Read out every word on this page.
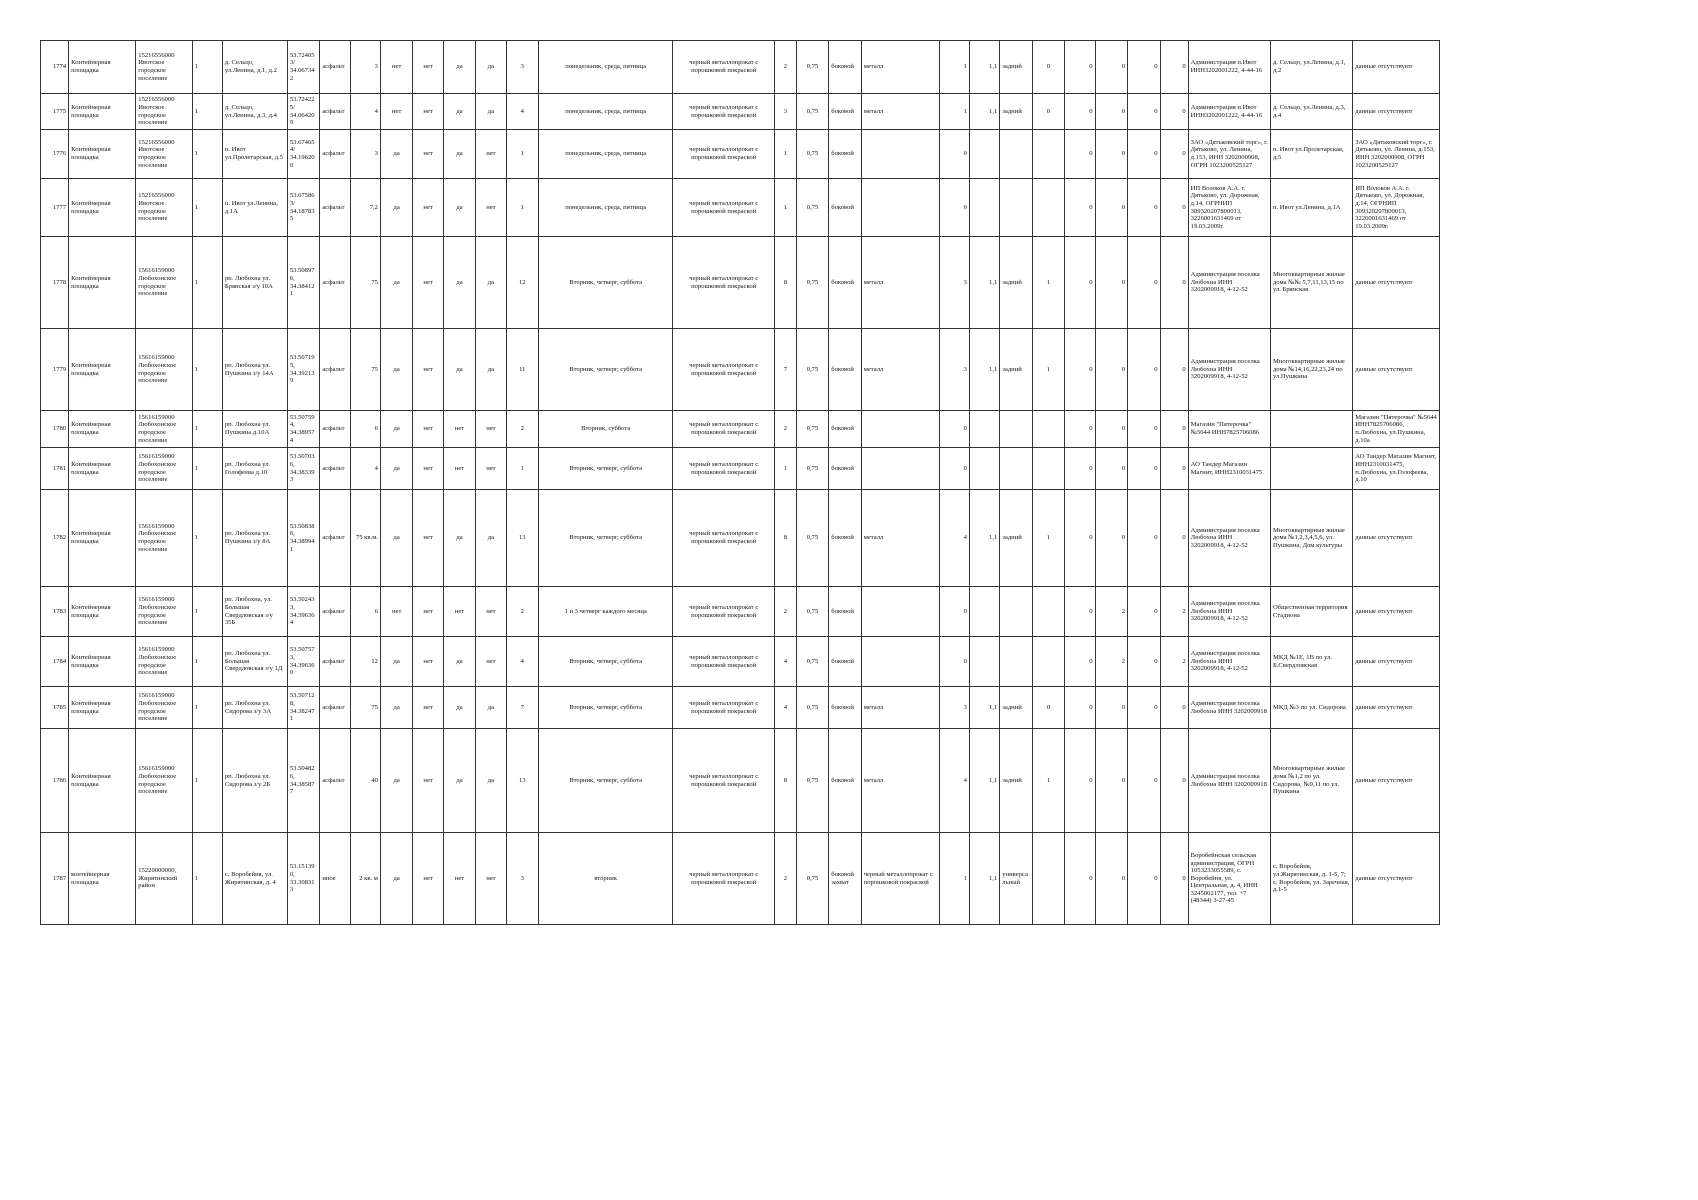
1774	Контейнерная площадка	15216556000 Ивотское городское поселение	1	д. Сельцо, ул.Ленина, д.1, д.2	53.72405 3/ 34.06734 2	асфальт	3	нет	нет	да	да	3	понедельник, среда, пятница	черный металлопрокат с порошковой покраской	2	0,75	боковой	металл	1	1,1	задний	0	0	0	0	0	Администрация п.Ивот ИНН3202001222, 4-44-16	д. Сельцо, ул.Ленина, д.1, д.2	данные отсутствуют
1775	Контейнерная площадка	15216556000 Ивотское городское поселение	1	д. Сельцо, ул.Ленина, д.3, д.4	53.72422 5/ 34.06420 9	асфальт	4	нет	нет	да	да	4	понедельник, среда, пятница	черный металлопрокат с порошковой покраской	3	0,75	боковой	металл	1	1,1	задний	0	0	0	0	0	Администрация п.Ивот ИНН3202001222, 4-44-16	д. Сельцо, ул.Ленина, д.3, д.4	данные отсутствуют
1776	Контейнерная площадка	15216556000 Ивотское городское поселение	1	п. Ивот ул.Пролетарская, д.5	53.67465 4/ 34.19620 0	асфальт	3	да	нет	да	нет	1	понедельник, среда, пятница	черный металлопрокат с порошковой покраской	1	0,75	боковой		0				0	0	0	0	ЗАО «Дятьковский торг», г. Дятьково, ул. Ленина, д.153, ИНН 3202000908, ОГРН 1023200525127	п. Ивот ул.Пролетарская, д.5	ЗАО «Дятьковский торг», г. Дятьково, ул. Ленина, д.153, ИНН 3202000908, ОГРН 1023200525127
1777	Контейнерная площадка	15216556000 Ивотское городское поселение	1	п. Ивот ул.Ленина, д.1А	53.67586 3/ 34.18783 5	асфальт	7,2	да	нет	да	нет	1	понедельник, среда, пятница	черный металлопрокат с порошковой покраской	1	0,75	боковой		0				0	0	0	0	ИП Волоков А.А. г. Дятьково, ул. Дорожная, д.14, ОГРНИП 309320207800013, 3226001631469 от 19.03.2009г.	п. Ивот ул.Ленина, д.1А	ИП Волоков А.А. г. Дятьково, ул. Дорожная, д.14, ОГРНИП 309320207800013, 3226001631469 от 19.03.2009г.
1778	Контейнерная площадка	15616159000 Любохонское городское поселение	1	рп. Любохна ул. Брянская з/у 10А	53.50897 6, 34.38412 1	асфальт	75	да	нет	да	да	12	Вторник, четверг, суббота	черный металлопрокат с порошковой покраской	8	0,75	боковой	металл	3	1,1	задний	1	0	0	0	0	Администрация поселка Любохна ИНН 3202009918, 4-12-52	Многоквартирные жилые дома №№ 5,7,11,13,15 по ул. Брянская	данные отсутствуют
1779	Контейнерная площадка	15616159000 Любохонское городское поселение	1	рп. Любохна ул. Пушкина з/у 14А	53.50719 5, 34.39213 9	асфальт	75	да	нет	да	да	11	Вторник, четверг, суббота	черный металлопрокат с порошковой покраской	7	0,75	боковой	металл	3	1,1	задний	1	0	0	0	0	Администрация поселка Любохна ИНН 3202009918, 4-12-52	Многоквартирные жилые дома №14,16,22,23,24 по ул.Пушкина	данные отсутствуют
1780	Контейнерная площадка	15616159000 Любохонское городское поселение	1	рп. Любохна ул. Пушкина д.10А	53.50759 4, 34.38957 4	асфальт	6	да	нет	нет	нет	2	Вторник, суббота	черный металлопрокат с порошковой покраской	2	0,75	боковой		0				0	0	0	0	Магазин "Пятерочка" №5644 ИНН7825706086		Магазин "Пятерочка" №5644 ИНН7825706086, п.Любохна, ул.Пушкина, д.10а
1781	Контейнерная площадка	15616159000 Любохонское городское поселение	1	рп. Любохна ул. Голофеева д.10	53.50703 6, 34.38339 3	асфальт	4	да	нет	нет	нет	1	Вторник, четверг, суббота	черный металлопрокат с порошковой покраской	1	0,75	боковой		0				0	0	0	0	АО Тандер Магазин Магнит, ИНН2310031475		АО Тандер Магазин Магнит, ИНН2310031475, п.Любохна, ул.Голофеева, д.10
1782	Контейнерная площадка	15616159000 Любохонское городское поселение	1	рп. Любохна ул. Пушкина з/у 8А	53.50838 6, 34.38994 1	асфальт	75 кв.м.	да	нет	да	да	13	Вторник, четверг, суббота	черный металлопрокат с порошковой покраской	8	0,75	боковой	металл	4	1,1	задний	1	0	0	0	0	Администрация поселка Любохна ИНН 3202009918, 4-12-52	Многоквартирные жилые дома №1,2,3,4,5,6, ул. Пушкина, Дом культуры	данные отсутствуют
1783	Контейнерная площадка	15616159000 Любохонское городское поселение	1	рп. Любохна, ул. Большая Свердловская з/у 35Б	53.50243 3, 34.39636 4	асфальт	6	нет	нет	нет	нет	2	1 и 3 четверг каждого месяца	черный металлопрокат с порошковой покраской	2	0,75	боковой		0				0	2	0	2	Администрация поселка Любохна ИНН 3202009918, 4-12-52	Общественная территория Стадиона	данные отсутствуют
1784	Контейнерная площадка	15616159000 Любохонское городское поселение	1	рп. Любохна ул. Большая Свердловская з/у 1Д	53.50757 3, 34.39636 0	асфальт	12	да	нет	да	нет	4	Вторник, четверг, суббота	черный металлопрокат с порошковой покраской	4	0,75	боковой		0				0	2	0	2	Администрация поселка Любохна ИНН 3202009918, 4-12-52	МКД №1Е, 1В по ул. Б.Свердловская	данные отсутствуют
1785	Контейнерная площадка	15616159000 Любохонское городское поселение	1	рп. Любохна ул. Сидорова з/у 3А	53.50712 8, 34.38247 1	асфальт	75	да	нет	да	да	7	Вторник, четверг, суббота	черный металлопрокат с порошковой покраской	4	0,75	боковой	металл	3	1,1	задний	0	0	0	0	0	Администрация поселка Любохна ИНН 3202009918	МКД №3 по ул. Сидорова	данные отсутствуют
1786	Контейнерная площадка	15616159000 Любохонское городское поселение	1	рп. Любохна ул. Сидорова з/у 2Б	53.50482 6, 34.38587 7	асфальт	40	да	нет	да	да	13	Вторник, четверг, суббота	черный металлопрокат с порошковой покраской	8	0,75	боковой	металл	4	1,1	задний	1	0	0	0	0	Администрация поселка Любохна ИНН 3202009918	Многоквартирные жилые дома №1,2 по ул. Сидорова, №9,11 по ул. Пушкина	данные отсутствуют
1787	контейнерная площадка	15220000000, Жирятинский район	1	с. Воробейня, ул. Жирятинская, д. 4	53.15139 0, 33.30831 3	иное	2 кв. м	да	нет	нет	нет	3	вторник	черный металлопрокат с порошковой покраской	2	0,75	боковой захват	черный металлопрокат с порошковой покраской	1	1,1	универсальный		0	0	0	0	Воробейнская сельская администрация, ОГРН 1053233055589, с. Воробейня, ул. Центральная, д. 4, ИНН 3245002177, тел. +7 (48344) 3-27-45	с. Воробейня, ул.Жирятинская, д. 1-5, 7; с. Воробейня, ул. Заречная, д.1-5	данные отсутствуют
